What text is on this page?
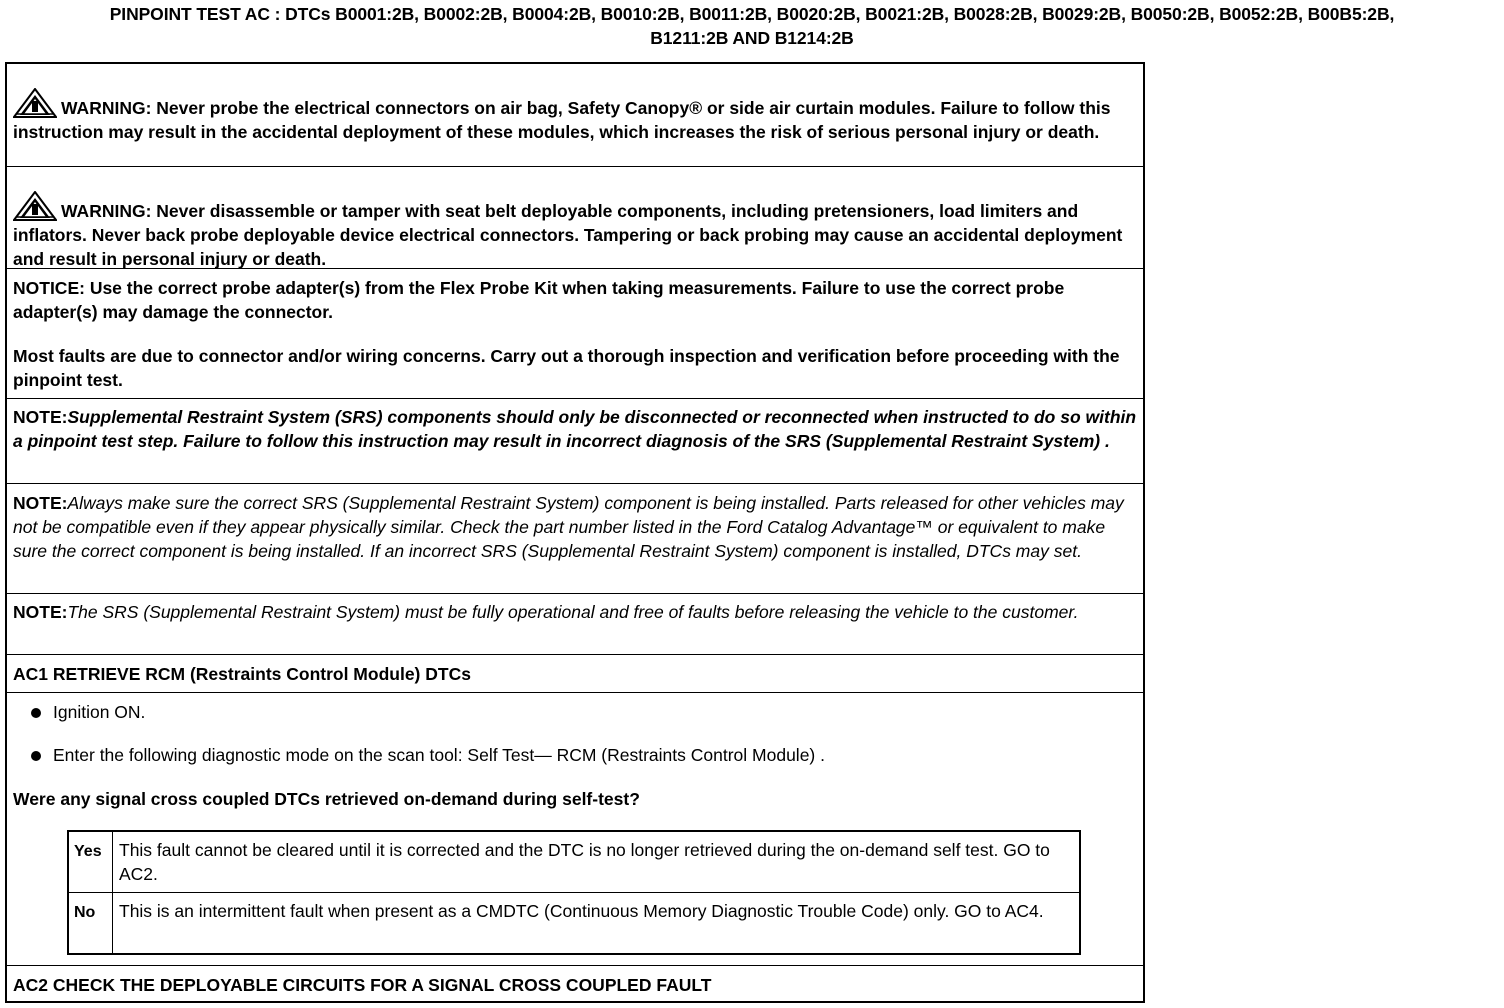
PINPOINT TEST AC : DTCs B0001:2B, B0002:2B, B0004:2B, B0010:2B, B0011:2B, B0020:2B, B0021:2B, B0028:2B, B0029:2B, B0050:2B, B0052:2B, B00B5:2B,
B1211:2B AND B1214:2B
WARNING: Never probe the electrical connectors on air bag, Safety Canopy® or side air curtain modules. Failure to follow this instruction may result in the accidental deployment of these modules, which increases the risk of serious personal injury or death.
WARNING: Never disassemble or tamper with seat belt deployable components, including pretensioners, load limiters and inflators. Never back probe deployable device electrical connectors. Tampering or back probing may cause an accidental deployment and result in personal injury or death.
NOTICE: Use the correct probe adapter(s) from the Flex Probe Kit when taking measurements. Failure to use the correct probe adapter(s) may damage the connector.
Most faults are due to connector and/or wiring concerns. Carry out a thorough inspection and verification before proceeding with the pinpoint test.
NOTE:Supplemental Restraint System (SRS) components should only be disconnected or reconnected when instructed to do so within a pinpoint test step. Failure to follow this instruction may result in incorrect diagnosis of the SRS (Supplemental Restraint System) .
NOTE:Always make sure the correct SRS (Supplemental Restraint System) component is being installed. Parts released for other vehicles may not be compatible even if they appear physically similar. Check the part number listed in the Ford Catalog Advantage™ or equivalent to make sure the correct component is being installed. If an incorrect SRS (Supplemental Restraint System) component is installed, DTCs may set.
NOTE:The SRS (Supplemental Restraint System) must be fully operational and free of faults before releasing the vehicle to the customer.
AC1 RETRIEVE RCM (Restraints Control Module) DTCs
Ignition ON.
Enter the following diagnostic mode on the scan tool: Self Test— RCM (Restraints Control Module) .
Were any signal cross coupled DTCs retrieved on-demand during self-test?
Yes	This fault cannot be cleared until it is corrected and the DTC is no longer retrieved during the on-demand self test. GO to AC2.
No	This is an intermittent fault when present as a CMDTC (Continuous Memory Diagnostic Trouble Code) only. GO to AC4.
AC2 CHECK THE DEPLOYABLE CIRCUITS FOR A SIGNAL CROSS COUPLED FAULT
